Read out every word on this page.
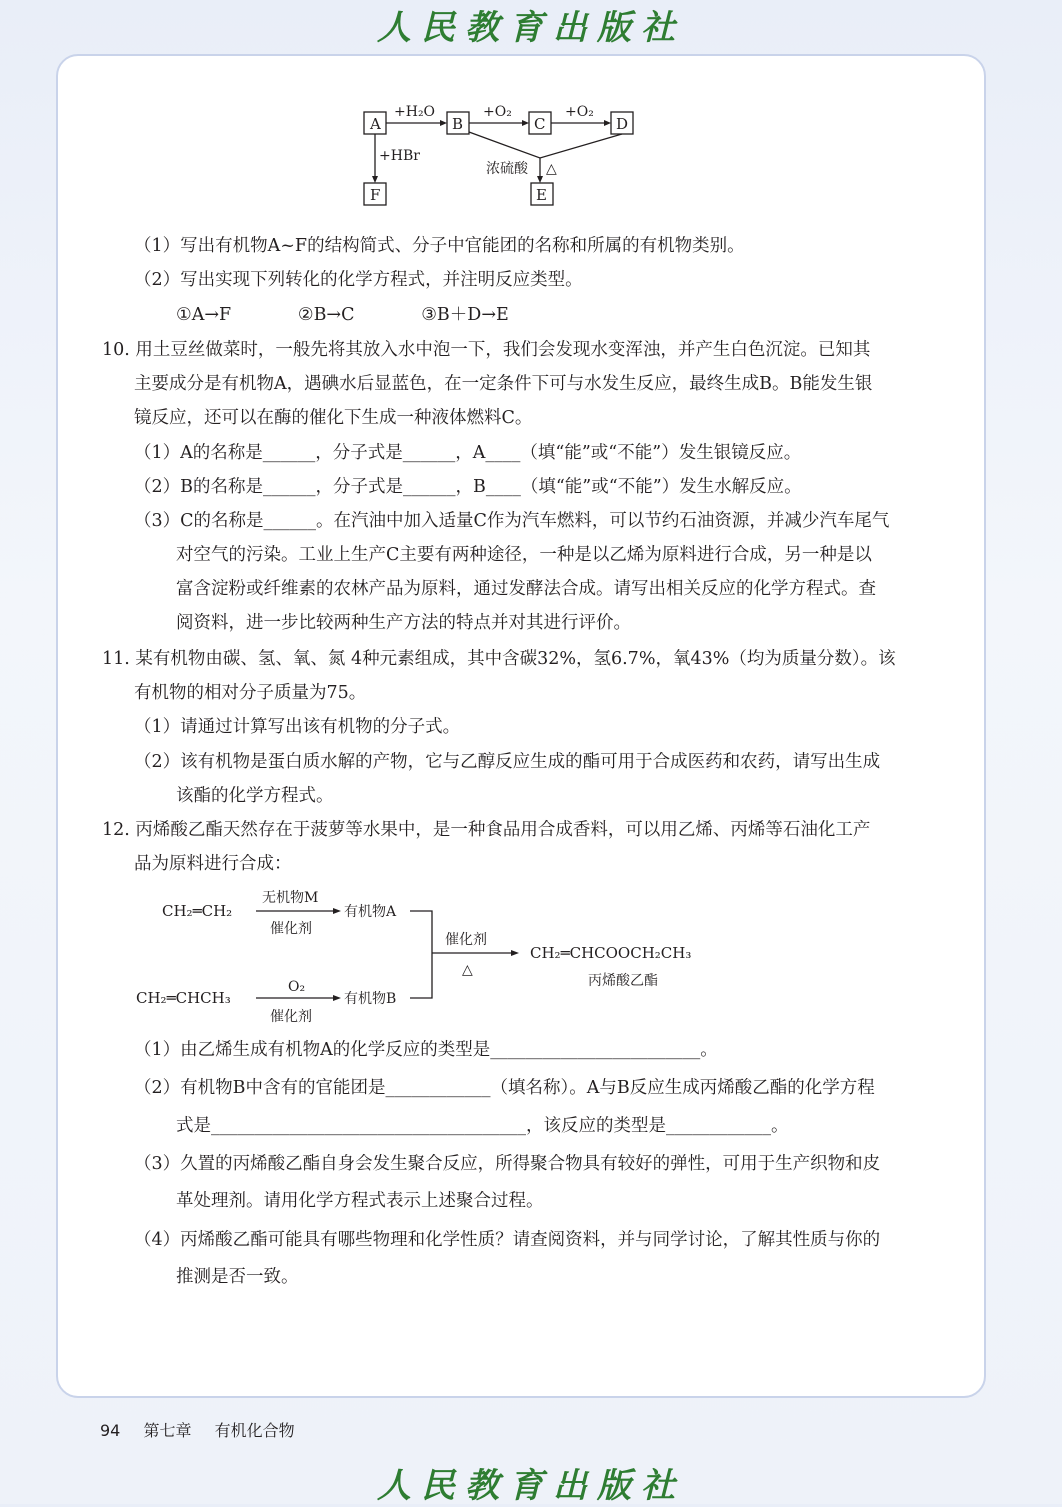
人民教育出版社
A	B	C	D
F	E
+H₂O	+O₂	+O₂
+HBr
浓硫酸 △
（1）写出有机物A~F的结构简式、分子中官能团的名称和所属的有机物类别。
（2）写出实现下列转化的化学方程式，并注明反应类型。
①A→F            ②B→C            ③B＋D→E
10. 用土豆丝做菜时，一般先将其放入水中泡一下，我们会发现水变浑浊，并产生白色沉淀。已知其
主要成分是有机物A，遇碘水后显蓝色，在一定条件下可与水发生反应，最终生成B。B能发生银
镜反应，还可以在酶的催化下生成一种液体燃料C。
（1）A的名称是______，分子式是______，A____（填“能”或“不能”）发生银镜反应。
（2）B的名称是______，分子式是______，B____（填“能”或“不能”）发生水解反应。
（3）C的名称是______。在汽油中加入适量C作为汽车燃料，可以节约石油资源，并减少汽车尾气
对空气的污染。工业上生产C主要有两种途径，一种是以乙烯为原料进行合成，另一种是以
富含淀粉或纤维素的农林产品为原料，通过发酵法合成。请写出相关反应的化学方程式。查
阅资料，进一步比较两种生产方法的特点并对其进行评价。
11. 某有机物由碳、氢、氧、氮 4种元素组成，其中含碳32%，氢6.7%，氧43%（均为质量分数）。该
有机物的相对分子质量为75。
（1）请通过计算写出该有机物的分子式。
（2）该有机物是蛋白质水解的产物，它与乙醇反应生成的酯可用于合成医药和农药，请写出生成
该酯的化学方程式。
12. 丙烯酸乙酯天然存在于菠萝等水果中，是一种食品用合成香料，可以用乙烯、丙烯等石油化工产
品为原料进行合成：
CH₂═CH₂
CH₂═CHCH₃
无机物M
催化剂
O₂
催化剂
有机物A
有机物B
催化剂
△
CH₂═CHCOOCH₂CH₃
丙烯酸乙酯
（1）由乙烯生成有机物A的化学反应的类型是________________________。
（2）有机物B中含有的官能团是____________（填名称）。A与B反应生成丙烯酸乙酯的化学方程
式是____________________________________，该反应的类型是____________。
（3）久置的丙烯酸乙酯自身会发生聚合反应，所得聚合物具有较好的弹性，可用于生产织物和皮
革处理剂。请用化学方程式表示上述聚合过程。
（4）丙烯酸乙酯可能具有哪些物理和化学性质？请查阅资料，并与同学讨论，了解其性质与你的
推测是否一致。
94 第七章 有机化合物
人民教育出版社
